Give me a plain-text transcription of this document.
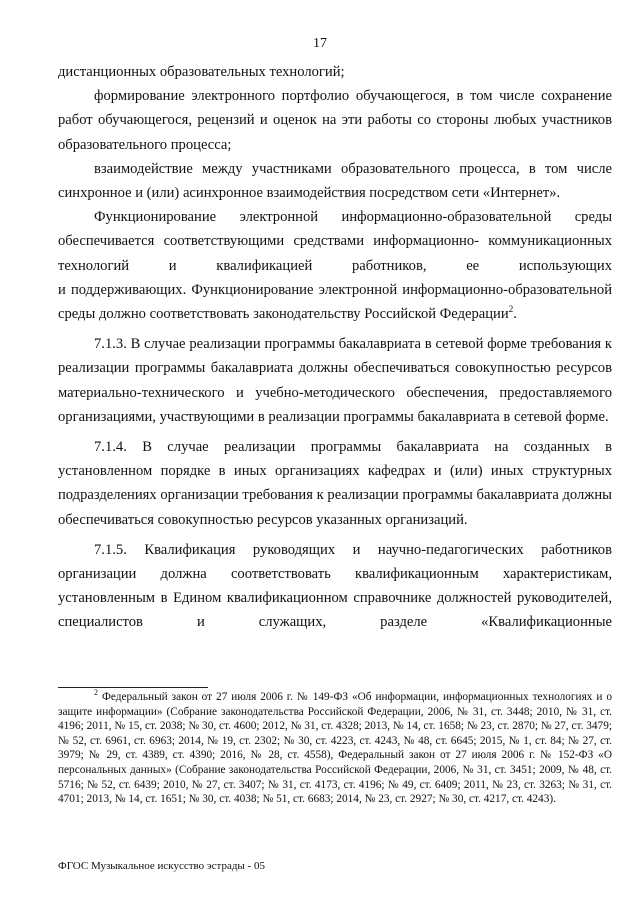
17

дистанционных образовательных технологий;

формирование электронного портфолио обучающегося, в том числе сохранение работ обучающегося, рецензий и оценок на эти работы со стороны любых участников образовательного процесса;

взаимодействие между участниками образовательного процесса, в том числе синхронное и (или) асинхронное взаимодействия посредством сети «Интернет».

Функционирование электронной информационно-образовательной среды обеспечивается соответствующими средствами информационно- коммуникационных технологий и квалификацией работников, ее использующих

и поддерживающих. Функционирование электронной информационно-образовательной среды должно соответствовать законодательству Российской Федерации$^2$.

7.1.3. В случае реализации программы бакалавриата в сетевой форме требования к реализации программы бакалавриата должны обеспечиваться совокупностью ресурсов материально-технического и учебно-методического обеспечения, предоставляемого организациями, участвующими в реализации программы бакалавриата в сетевой форме.

7.1.4. В случае реализации программы бакалавриата на созданных в установленном порядке в иных организациях кафедрах и (или) иных структурных подразделениях организации требования к реализации программы бакалавриата должны обеспечиваться совокупностью ресурсов указанных организаций.

7.1.5. Квалификация руководящих и научно-педагогических работников организации должна соответствовать квалификационным характеристикам, установленным в Едином квалификационном справочнике должностей руководителей, специалистов и служащих, разделе «Квалификационные

$^2$ Федеральный закон от 27 июля 2006 г. № 149-ФЗ «Об информации, информационных технологиях и о защите информации» (Собрание законодательства Российской Федерации, 2006, № 31, ст. 3448; 2010, № 31, ст. 4196; 2011, № 15, ст. 2038; № 30, ст. 4600; 2012, № 31, ст. 4328; 2013, № 14, ст. 1658; № 23, ст. 2870; № 27, ст. 3479; № 52, ст. 6961, ст. 6963; 2014, № 19, ст. 2302; № 30, ст. 4223, ст. 4243, № 48, ст. 6645; 2015, № 1, ст. 84; № 27, ст. 3979; № 29, ст. 4389, ст. 4390; 2016, № 28, ст. 4558), Федеральный закон от 27 июля 2006 г. № 152-ФЗ «О персональных данных» (Собрание законодательства Российской Федерации, 2006, № 31, ст. 3451; 2009, № 48, ст. 5716; № 52, ст. 6439; 2010, № 27, ст. 3407; № 31, ст. 4173, ст. 4196; № 49, ст. 6409; 2011, № 23, ст. 3263; № 31, ст. 4701; 2013, № 14, ст. 1651; № 30, ст. 4038; № 51, ст. 6683; 2014, № 23, ст. 2927; № 30, ст. 4217, ст. 4243).
ФГОС Музыкальное искусство эстрады - 05
